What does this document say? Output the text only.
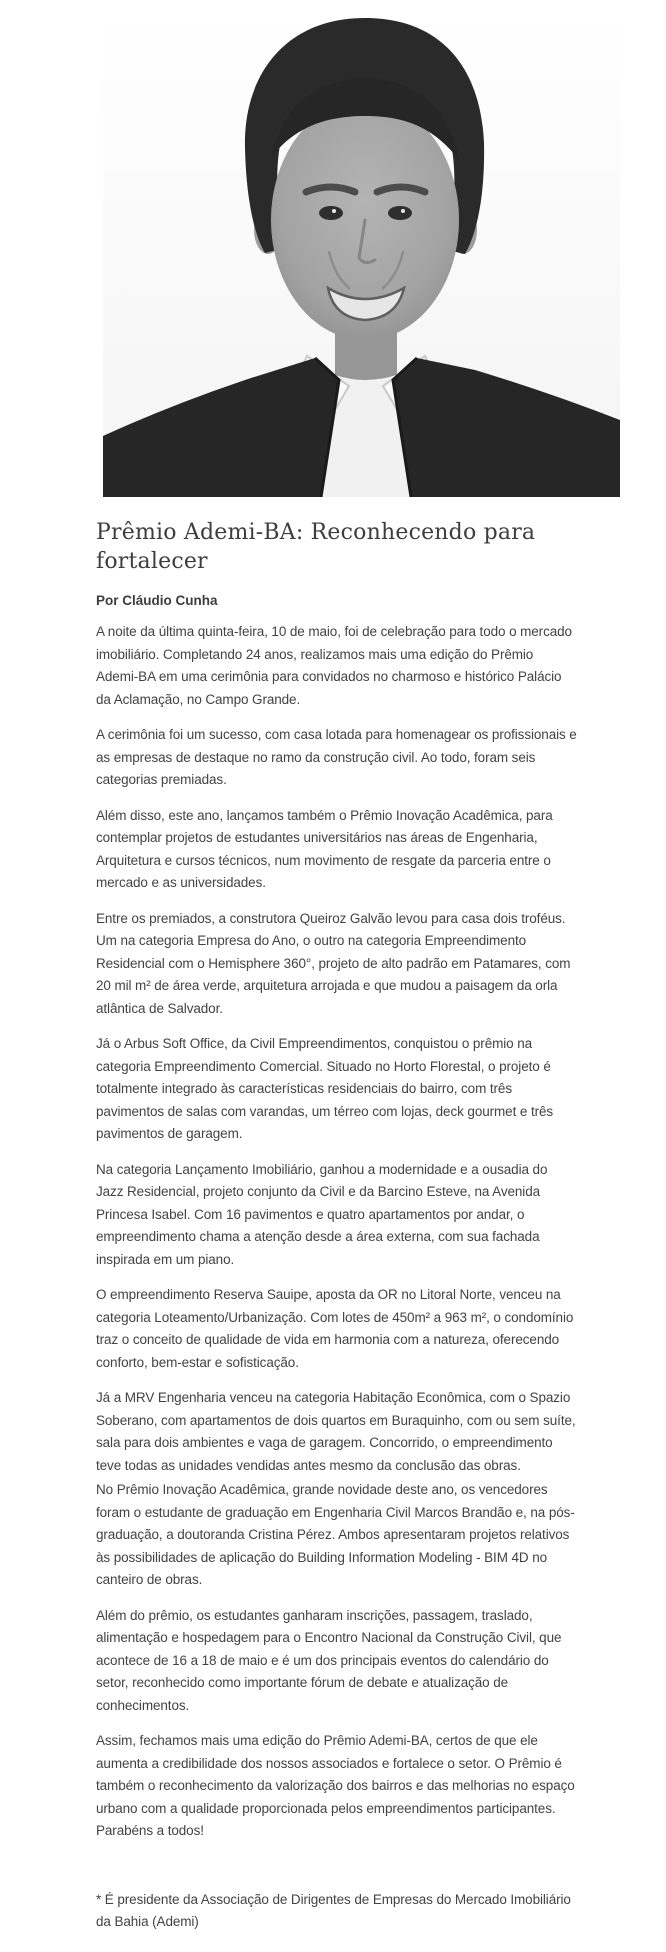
Prêmio Ademi-BA: Reconhecendo para fortalecer
Por Cláudio Cunha

A noite da última quinta-feira, 10 de maio, foi de celebração para todo o mercado imobiliário. Completando 24 anos, realizamos mais uma edição do Prêmio Ademi-BA em uma cerimônia para convidados no charmoso e histórico Palácio da Aclamação, no Campo Grande.

A cerimônia foi um sucesso, com casa lotada para homenagear os profissionais e as empresas de destaque no ramo da construção civil. Ao todo, foram seis categorias premiadas.

Além disso, este ano, lançamos também o Prêmio Inovação Acadêmica, para contemplar projetos de estudantes universitários nas áreas de Engenharia, Arquitetura e cursos técnicos, num movimento de resgate da parceria entre o mercado e as universidades.

Entre os premiados, a construtora Queiroz Galvão levou para casa dois troféus. Um na categoria Empresa do Ano, o outro na categoria Empreendimento Residencial com o Hemisphere 360°, projeto de alto padrão em Patamares, com 20 mil m² de área verde, arquitetura arrojada e que mudou a paisagem da orla atlântica de Salvador.

Já o Arbus Soft Office, da Civil Empreendimentos, conquistou o prêmio na categoria Empreendimento Comercial. Situado no Horto Florestal, o projeto é totalmente integrado às características residenciais do bairro, com três pavimentos de salas com varandas, um térreo com lojas, deck gourmet e três pavimentos de garagem.

Na categoria Lançamento Imobiliário, ganhou a modernidade e a ousadia do Jazz Residencial, projeto conjunto da Civil e da Barcino Esteve, na Avenida Princesa Isabel. Com 16 pavimentos e quatro apartamentos por andar, o empreendimento chama a atenção desde a área externa, com sua fachada inspirada em um piano.

O empreendimento Reserva Sauipe, aposta da OR no Litoral Norte, venceu na categoria Loteamento/Urbanização. Com lotes de 450m² a 963 m², o condomínio traz o conceito de qualidade de vida em harmonia com a natureza, oferecendo conforto, bem-estar e sofisticação.

Já a MRV Engenharia venceu na categoria Habitação Econômica, com o Spazio Soberano, com apartamentos de dois quartos em Buraquinho, com ou sem suíte, sala para dois ambientes e vaga de garagem. Concorrido, o empreendimento teve todas as unidades vendidas antes mesmo da conclusão das obras.

No Prêmio Inovação Acadêmica, grande novidade deste ano, os vencedores foram o estudante de graduação em Engenharia Civil Marcos Brandão e, na pós-graduação, a doutoranda Cristina Pérez. Ambos apresentaram projetos relativos às possibilidades de aplicação do Building Information Modeling - BIM 4D no canteiro de obras.

Além do prêmio, os estudantes ganharam inscrições, passagem, traslado, alimentação e hospedagem para o Encontro Nacional da Construção Civil, que acontece de 16 a 18 de maio e é um dos principais eventos do calendário do setor, reconhecido como importante fórum de debate e atualização de conhecimentos.

Assim, fechamos mais uma edição do Prêmio Ademi-BA, certos de que ele aumenta a credibilidade dos nossos associados e fortalece o setor. O Prêmio é também o reconhecimento da valorização dos bairros e das melhorias no espaço urbano com a qualidade proporcionada pelos empreendimentos participantes. Parabéns a todos!

* É presidente da Associação de Dirigentes de Empresas do Mercado Imobiliário da Bahia (Ademi)
